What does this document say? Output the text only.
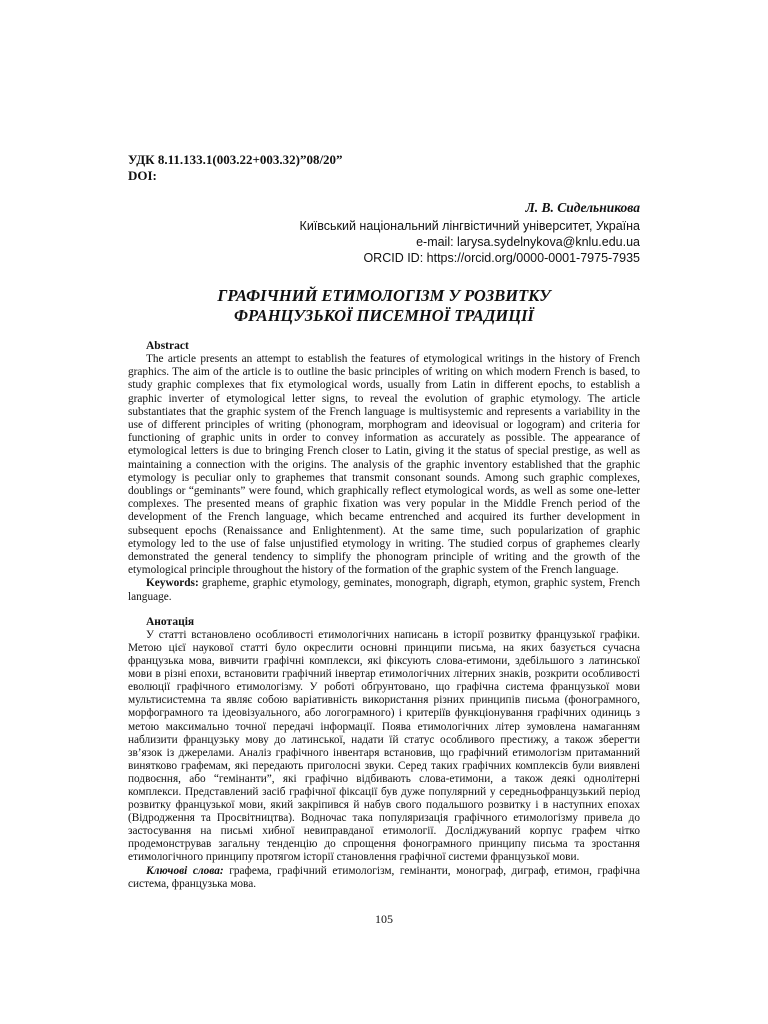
УДК 8.11.133.1(003.22+003.32)”08/20”
DOI:
Л. В. Сидельникова
Київський національний лінгвістичний університет, Україна
e-mail: larysa.sydelnykova@knlu.edu.ua
ORCID ID: https://orcid.org/0000-0001-7975-7935
ГРАФІЧНИЙ ЕТИМОЛОГІЗМ У РОЗВИТКУ
ФРАНЦУЗЬКОЇ ПИСЕМНОЇ ТРАДИЦІЇ
Abstract
The article presents an attempt to establish the features of etymological writings in the history of French graphics. The aim of the article is to outline the basic principles of writing on which modern French is based, to study graphic complexes that fix etymological words, usually from Latin in different epochs, to establish a graphic inverter of etymological letter signs, to reveal the evolution of graphic etymology. The article substantiates that the graphic system of the French language is multisystemic and represents a variability in the use of different principles of writing (phonogram, morphogram and ideovisual or logogram) and criteria for functioning of graphic units in order to convey information as accurately as possible. The appearance of etymological letters is due to bringing French closer to Latin, giving it the status of special prestige, as well as maintaining a connection with the origins. The analysis of the graphic inventory established that the graphic etymology is peculiar only to graphemes that transmit consonant sounds. Among such graphic complexes, doublings or “geminants” were found, which graphically reflect etymological words, as well as some one-letter complexes. The presented means of graphic fixation was very popular in the Middle French period of the development of the French language, which became entrenched and acquired its further development in subsequent epochs (Renaissance and Enlightenment). At the same time, such popularization of graphic etymology led to the use of false unjustified etymology in writing. The studied corpus of graphemes clearly demonstrated the general tendency to simplify the phonogram principle of writing and the growth of the etymological principle throughout the history of the formation of the graphic system of the French language.
Keywords: grapheme, graphic etymology, geminates, monograph, digraph, etymon, graphic system, French language.
Анотація
У статті встановлено особливості етимологічних написань в історії розвитку французької графіки. Метою цієї наукової статті було окреслити основні принципи письма, на яких базується сучасна французька мова, вивчити графічні комплекси, які фіксують слова-етимони, здебільшого з латинської мови в різні епохи, встановити графічний інвертар етимологічних літерних знаків, розкрити особливості еволюції графічного етимологізму. У роботі обґрунтовано, що графічна система французької мови мультисистемна та являє собою варіативність використання різних принципів письма (фонограмного, морфограмного та ідеовізуального, або логограмного) і критеріїв функціонування графічних одиниць з метою максимально точної передачі інформації. Поява етимологічних літер зумовлена намаганням наблизити французьку мову до латинської, надати їй статус особливого престижу, а також зберегти зв’язок із джерелами. Аналіз графічного інвентаря встановив, що графічний етимологізм притаманний винятково графемам, які передають приголосні звуки. Серед таких графічних комплексів були виявлені подвоєння, або “гемінанти”, які графічно відбивають слова-етимони, а також деякі однолітерні комплекси. Представлений засіб графічної фіксації був дуже популярний у середньофранцузький період розвитку французької мови, який закріпився й набув свого подальшого розвитку і в наступних епохах (Відродження та Просвітництва). Водночас така популяризація графічного етимологізму привела до застосування на письмі хибної невиправданої етимології. Досліджуваний корпус графем чітко продемонстрував загальну тенденцію до спрощення фонограмного принципу письма та зростання етимологічного принципу протягом історії становлення графічної системи французької мови.
Ключові слова: графема, графічний етимологізм, гемінанти, монограф, диграф, етимон, графічна система, французька мова.
105
